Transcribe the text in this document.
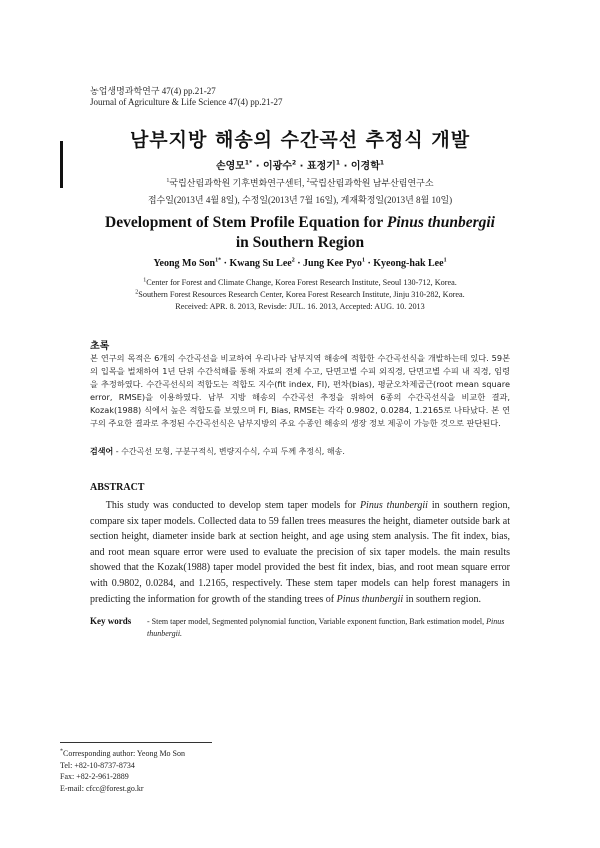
농업생명과학연구 47(4) pp.21-27
Journal of Agriculture & Life Science 47(4) pp.21-27
남부지방 해송의 수간곡선 추정식 개발
손영모$^{1*}$ · 이광수$^2$ · 표정기$^1$ · 이경학$^1$
$^1$국립산림과학원 기후변화연구센터, $^2$국립산림과학원 남부산림연구소
접수일(2013년 4월 8일), 수정일(2013년 7월 16일), 게재확정일(2013년 8월 10일)
Development of Stem Profile Equation for Pinus thunbergii
in Southern Region
Yeong Mo Son$^{1*}$ · Kwang Su Lee$^2$ · Jung Kee Pyo$^1$ · Kyeong-hak Lee$^1$
$^1$Center for Forest and Climate Change, Korea Forest Research Institute, Seoul 130-712, Korea.
$^2$Southern Forest Resources Research Center, Korea Forest Research Institute, Jinju 310-282, Korea.
Received: APR. 8. 2013, Revisde: JUL. 16. 2013, Accepted: AUG. 10. 2013
초록
본 연구의 목적은 6개의 수간곡선을 비교하여 우리나라 남부지역 해송에 적합한 수간곡선식을 개발하는데 있다. 59본의 입목을 벌채하여 1년 단위 수간석해를 통해 자료의 전체 수고, 단면고별 수피 외직경, 단면고별 수피 내 직경, 임령을 추정하였다. 수간곡선식의 적합도는 적합도 지수(fit index, FI), 편차(bias), 평균오차제곱근(root mean square error, RMSE)을 이용하였다. 남부 지방 해송의 수간곡선 추정을 위하여 6종의 수간곡선식을 비교한 결과, Kozak(1988) 식에서 높은 적합도를 보였으며 FI, Bias, RMSE는 각각 0.9802, 0.0284, 1.2165로 나타났다. 본 연구의 주요한 결과로 추정된 수간곡선식은 남부지방의 주요 수종인 해송의 생장 정보 제공이 가능한 것으로 판단된다.
검색어 - 수간곡선 모형, 구분구적식, 변량지수식, 수피 두께 추정식, 해송.
ABSTRACT
This study was conducted to develop stem taper models for Pinus thunbergii in southern region, compare six taper models. Collected data to 59 fallen trees measures the height, diameter outside bark at section height, diameter inside bark at section height, and age using stem analysis. The fit index, bias, and root mean square error were used to evaluate the precision of six taper models. the main results showed that the Kozak(1988) taper model provided the best fit index, bias, and root mean square error with 0.9802, 0.0284, and 1.2165, respectively. These stem taper models can help forest managers in predicting the information for growth of the standing trees of Pinus thunbergii in southern region.
Key words - Stem taper model, Segmented polynomial function, Variable exponent function, Bark estimation model, Pinus thunbergii.
*Corresponding author: Yeong Mo Son
Tel: +82-10-8737-8734
Fax: +82-2-961-2889
E-mail: cfcc@forest.go.kr
